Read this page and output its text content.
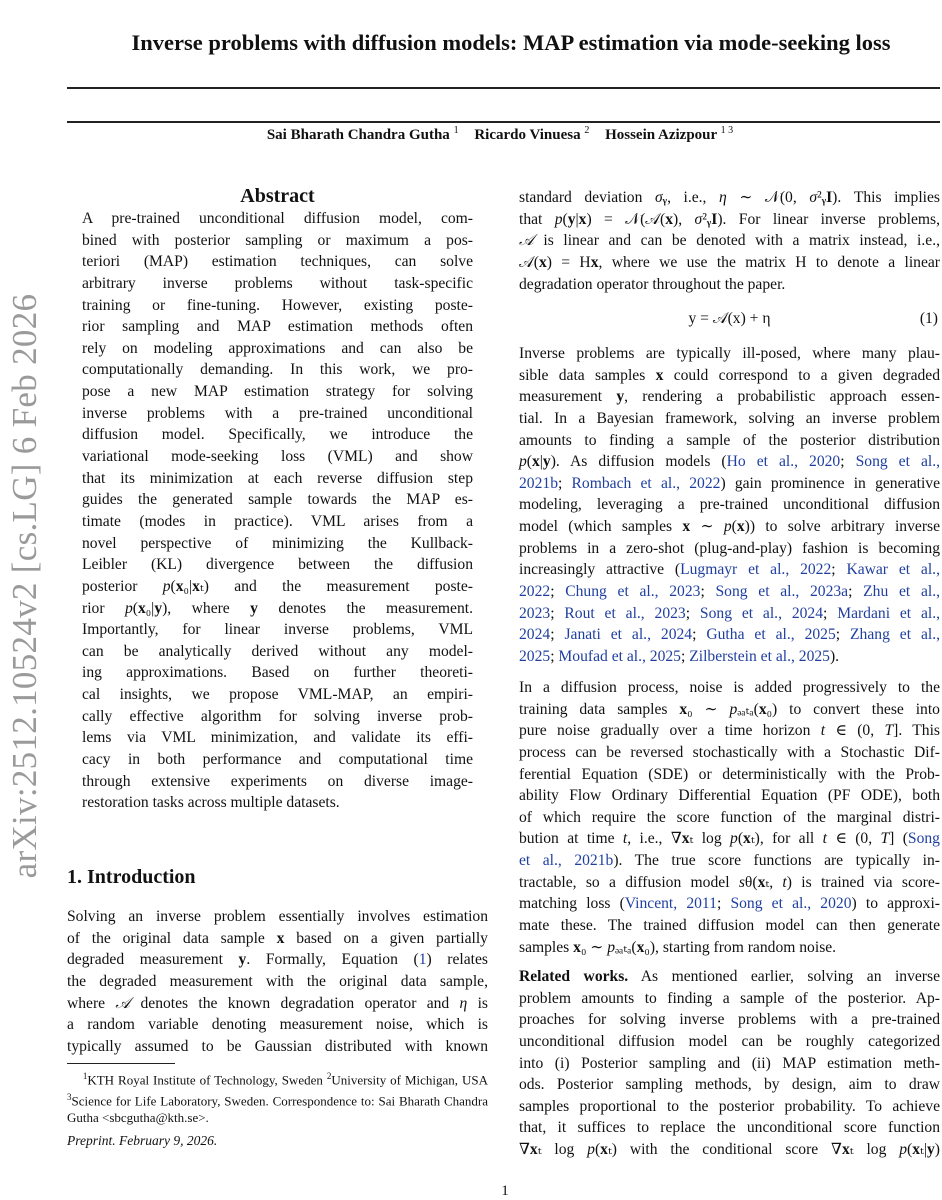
arXiv:2512.10524v2 [cs.LG] 6 Feb 2026
Inverse problems with diffusion models: MAP estimation via mode-seeking loss
Sai Bharath Chandra Gutha $^1$ Ricardo Vinuesa $^2$ Hossein Azizpour $^{1 3}$
Abstract
A pre-trained unconditional diffusion model, com-
bined with posterior sampling or maximum a pos-
teriori (MAP) estimation techniques, can solve
arbitrary inverse problems without task-specific
training or fine-tuning. However, existing poste-
rior sampling and MAP estimation methods often
rely on modeling approximations and can also be
computationally demanding. In this work, we pro-
pose a new MAP estimation strategy for solving
inverse problems with a pre-trained unconditional
diffusion model. Specifically, we introduce the
variational mode-seeking loss (VML) and show
that its minimization at each reverse diffusion step
guides the generated sample towards the MAP es-
timate (modes in practice). VML arises from a
novel perspective of minimizing the Kullback-
Leibler (KL) divergence between the diffusion
posterior p(x₀|xₜ) and the measurement poste-
rior p(x₀|y), where y denotes the measurement.
Importantly, for linear inverse problems, VML
can be analytically derived without any model-
ing approximations. Based on further theoreti-
cal insights, we propose VML-MAP, an empiri-
cally effective algorithm for solving inverse prob-
lems via VML minimization, and validate its effi-
cacy in both performance and computational time
through extensive experiments on diverse image-
restoration tasks across multiple datasets.
1. Introduction
Solving an inverse problem essentially involves estimation
of the original data sample x based on a given partially
degraded measurement y. Formally, Equation (1) relates
the degraded measurement with the original data sample,
where 𝒜 denotes the known degradation operator and η is
a random variable denoting measurement noise, which is
typically assumed to be Gaussian distributed with known
$^1$KTH Royal Institute of Technology, Sweden $^2$University of Michigan, USA $^3$Science for Life Laboratory, Sweden. Correspondence to: Sai Bharath Chandra Gutha <sbcgutha@kth.se>.
Preprint. February 9, 2026.
standard deviation σᵧ, i.e., η ∼ 𝒩(0, σ²ᵧI). This implies
that p(y|x) = 𝒩(𝒜(x), σ²ᵧI). For linear inverse problems,
𝒜 is linear and can be denoted with a matrix instead, i.e.,
𝒜(x) = Hx, where we use the matrix H to denote a linear
degradation operator throughout the paper.
y = 𝒜(x) + η	(1)
Inverse problems are typically ill-posed, where many plau-
sible data samples x could correspond to a given degraded
measurement y, rendering a probabilistic approach essen-
tial. In a Bayesian framework, solving an inverse problem
amounts to finding a sample of the posterior distribution
p(x|y). As diffusion models (Ho et al., 2020; Song et al.,
2021b; Rombach et al., 2022) gain prominence in generative
modeling, leveraging a pre-trained unconditional diffusion
model (which samples x ∼ p(x)) to solve arbitrary inverse
problems in a zero-shot (plug-and-play) fashion is becoming
increasingly attractive (Lugmayr et al., 2022; Kawar et al.,
2022; Chung et al., 2023; Song et al., 2023a; Zhu et al.,
2023; Rout et al., 2023; Song et al., 2024; Mardani et al.,
2024; Janati et al., 2024; Gutha et al., 2025; Zhang et al.,
2025; Moufad et al., 2025; Zilberstein et al., 2025).
In a diffusion process, noise is added progressively to the
training data samples x₀ ∼ pₔₐₜₐ(x₀) to convert these into
pure noise gradually over a time horizon t ∈ (0, T]. This
process can be reversed stochastically with a Stochastic Dif-
ferential Equation (SDE) or deterministically with the Prob-
ability Flow Ordinary Differential Equation (PF ODE), both
of which require the score function of the marginal distri-
bution at time t, i.e., ∇xₜ log p(xₜ), for all t ∈ (0, T] (Song
et al., 2021b). The true score functions are typically in-
tractable, so a diffusion model sθ(xₜ, t) is trained via score-
matching loss (Vincent, 2011; Song et al., 2020) to approxi-
mate these. The trained diffusion model can then generate
samples x₀ ∼ pₔₐₜₐ(x₀), starting from random noise.
Related works. As mentioned earlier, solving an inverse
problem amounts to finding a sample of the posterior. Ap-
proaches for solving inverse problems with a pre-trained
unconditional diffusion model can be roughly categorized
into (i) Posterior sampling and (ii) MAP estimation meth-
ods. Posterior sampling methods, by design, aim to draw
samples proportional to the posterior probability. To achieve
that, it suffices to replace the unconditional score function
∇xₜ log p(xₜ) with the conditional score ∇xₜ log p(xₜ|y)
1
